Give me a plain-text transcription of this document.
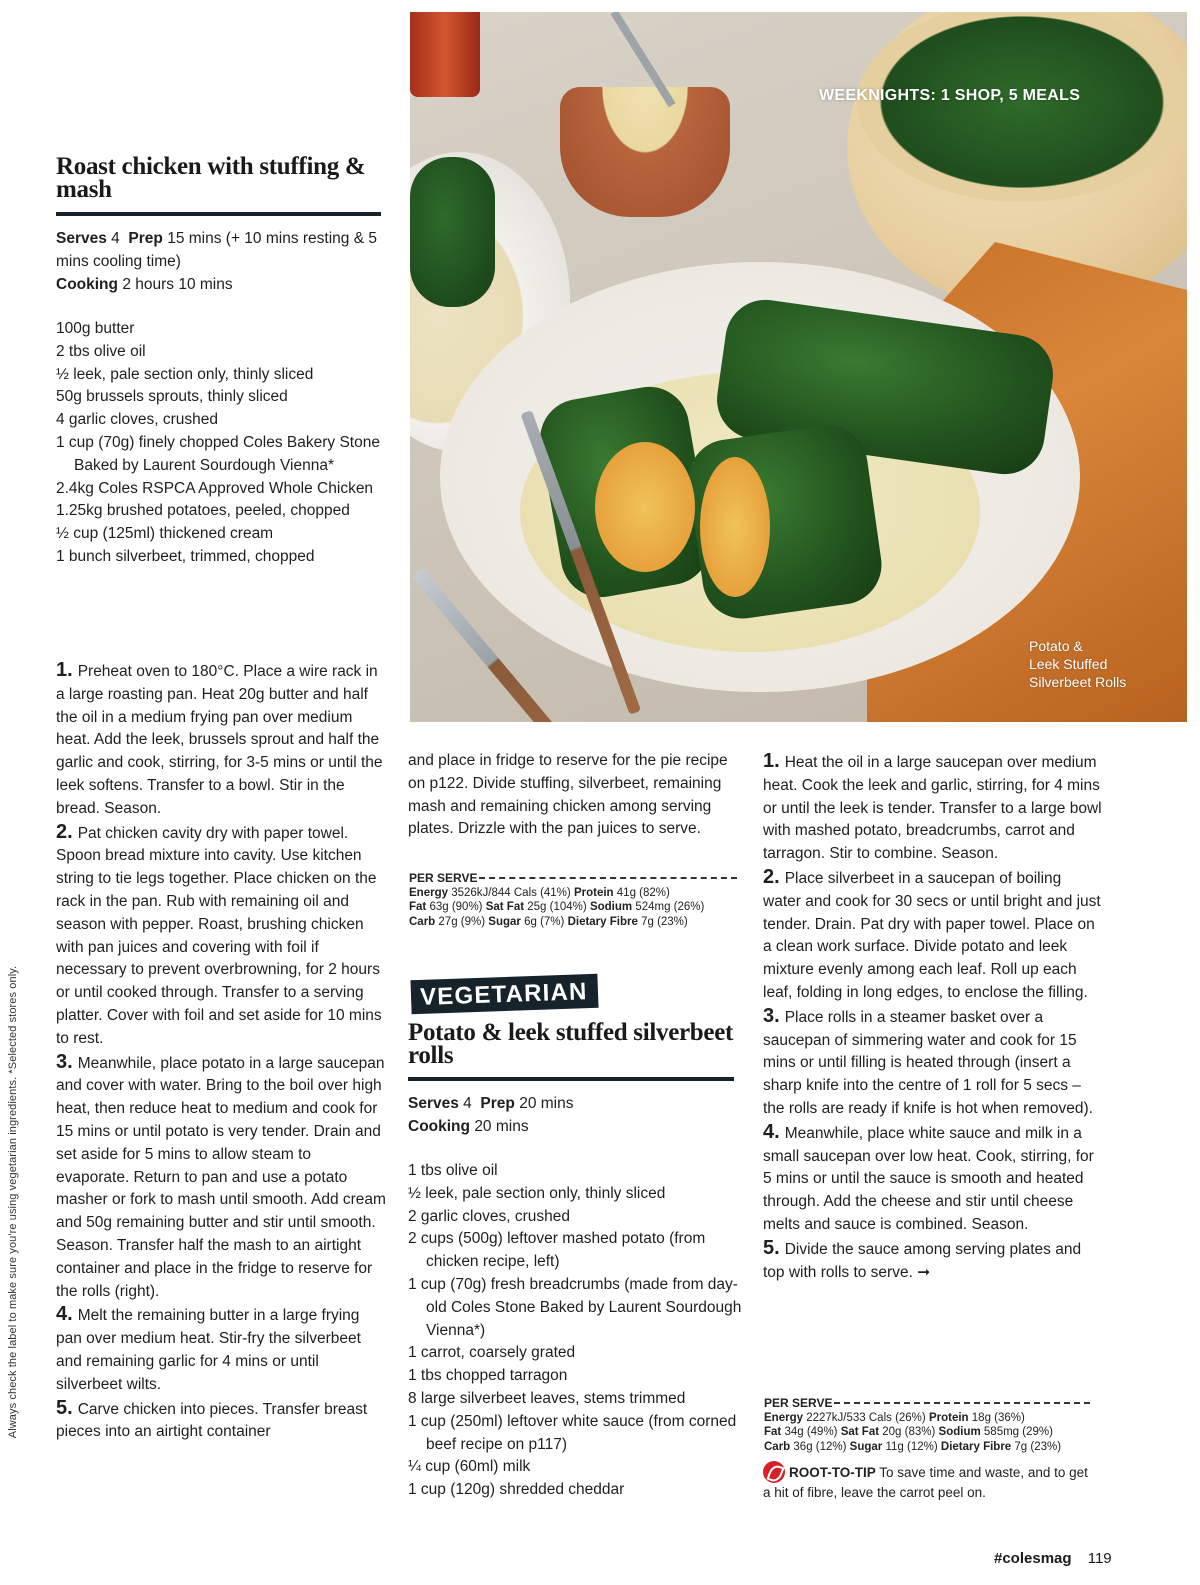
Always check the label to make sure you're using vegetarian ingredients. *Selected stores only.
WEEKNIGHTS: 1 SHOP, 5 MEALS
Potato &
Leek Stuffed
Silverbeet Rolls
Roast chicken with stuffing & mash
Serves 4 Prep 15 mins (+ 10 mins resting & 5 mins cooling time)
Cooking 2 hours 10 mins
100g butter
2 tbs olive oil
½ leek, pale section only, thinly sliced
50g brussels sprouts, thinly sliced
4 garlic cloves, crushed
1 cup (70g) finely chopped Coles Bakery Stone Baked by Laurent Sourdough Vienna*
2.4kg Coles RSPCA Approved Whole Chicken
1.25kg brushed potatoes, peeled, chopped
½ cup (125ml) thickened cream
1 bunch silverbeet, trimmed, chopped
1. Preheat oven to 180°C. Place a wire rack in a large roasting pan. Heat 20g butter and half the oil in a medium frying pan over medium heat. Add the leek, brussels sprout and half the garlic and cook, stirring, for 3-5 mins or until the leek softens. Transfer to a bowl. Stir in the bread. Season.
2. Pat chicken cavity dry with paper towel. Spoon bread mixture into cavity. Use kitchen string to tie legs together. Place chicken on the rack in the pan. Rub with remaining oil and season with pepper. Roast, brushing chicken with pan juices and covering with foil if necessary to prevent overbrowning, for 2 hours or until cooked through. Transfer to a serving platter. Cover with foil and set aside for 10 mins to rest.
3. Meanwhile, place potato in a large saucepan and cover with water. Bring to the boil over high heat, then reduce heat to medium and cook for 15 mins or until potato is very tender. Drain and set aside for 5 mins to allow steam to evaporate. Return to pan and use a potato masher or fork to mash until smooth. Add cream and 50g remaining butter and stir until smooth. Season. Transfer half the mash to an airtight container and place in the fridge to reserve for the rolls (right).
4. Melt the remaining butter in a large frying pan over medium heat. Stir-fry the silverbeet and remaining garlic for 4 mins or until silverbeet wilts.
5. Carve chicken into pieces. Transfer breast pieces into an airtight container
and place in fridge to reserve for the pie recipe on p122. Divide stuffing, silverbeet, remaining mash and remaining chicken among serving plates. Drizzle with the pan juices to serve.
PER SERVE
Energy 3526kJ/844 Cals (41%) Protein 41g (82%)
Fat 63g (90%) Sat Fat 25g (104%) Sodium 524mg (26%)
Carb 27g (9%) Sugar 6g (7%) Dietary Fibre 7g (23%)
VEGETARIAN
Potato & leek stuffed silverbeet rolls
Serves 4 Prep 20 mins
Cooking 20 mins
1 tbs olive oil
½ leek, pale section only, thinly sliced
2 garlic cloves, crushed
2 cups (500g) leftover mashed potato (from chicken recipe, left)
1 cup (70g) fresh breadcrumbs (made from day-old Coles Stone Baked by Laurent Sourdough Vienna*)
1 carrot, coarsely grated
1 tbs chopped tarragon
8 large silverbeet leaves, stems trimmed
1 cup (250ml) leftover white sauce (from corned beef recipe on p117)
¼ cup (60ml) milk
1 cup (120g) shredded cheddar
1. Heat the oil in a large saucepan over medium heat. Cook the leek and garlic, stirring, for 4 mins or until the leek is tender. Transfer to a large bowl with mashed potato, breadcrumbs, carrot and tarragon. Stir to combine. Season.
2. Place silverbeet in a saucepan of boiling water and cook for 30 secs or until bright and just tender. Drain. Pat dry with paper towel. Place on a clean work surface. Divide potato and leek mixture evenly among each leaf. Roll up each leaf, folding in long edges, to enclose the filling.
3. Place rolls in a steamer basket over a saucepan of simmering water and cook for 15 mins or until filling is heated through (insert a sharp knife into the centre of 1 roll for 5 secs – the rolls are ready if knife is hot when removed).
4. Meanwhile, place white sauce and milk in a small saucepan over low heat. Cook, stirring, for 5 mins or until the sauce is smooth and heated through. Add the cheese and stir until cheese melts and sauce is combined. Season.
5. Divide the sauce among serving plates and top with rolls to serve. ➞
PER SERVE
Energy 2227kJ/533 Cals (26%) Protein 18g (36%)
Fat 34g (49%) Sat Fat 20g (83%) Sodium 585mg (29%)
Carb 36g (12%) Sugar 11g (12%) Dietary Fibre 7g (23%)
ROOT-TO-TIP To save time and waste, and to get a hit of fibre, leave the carrot peel on.
#colesmag 119
